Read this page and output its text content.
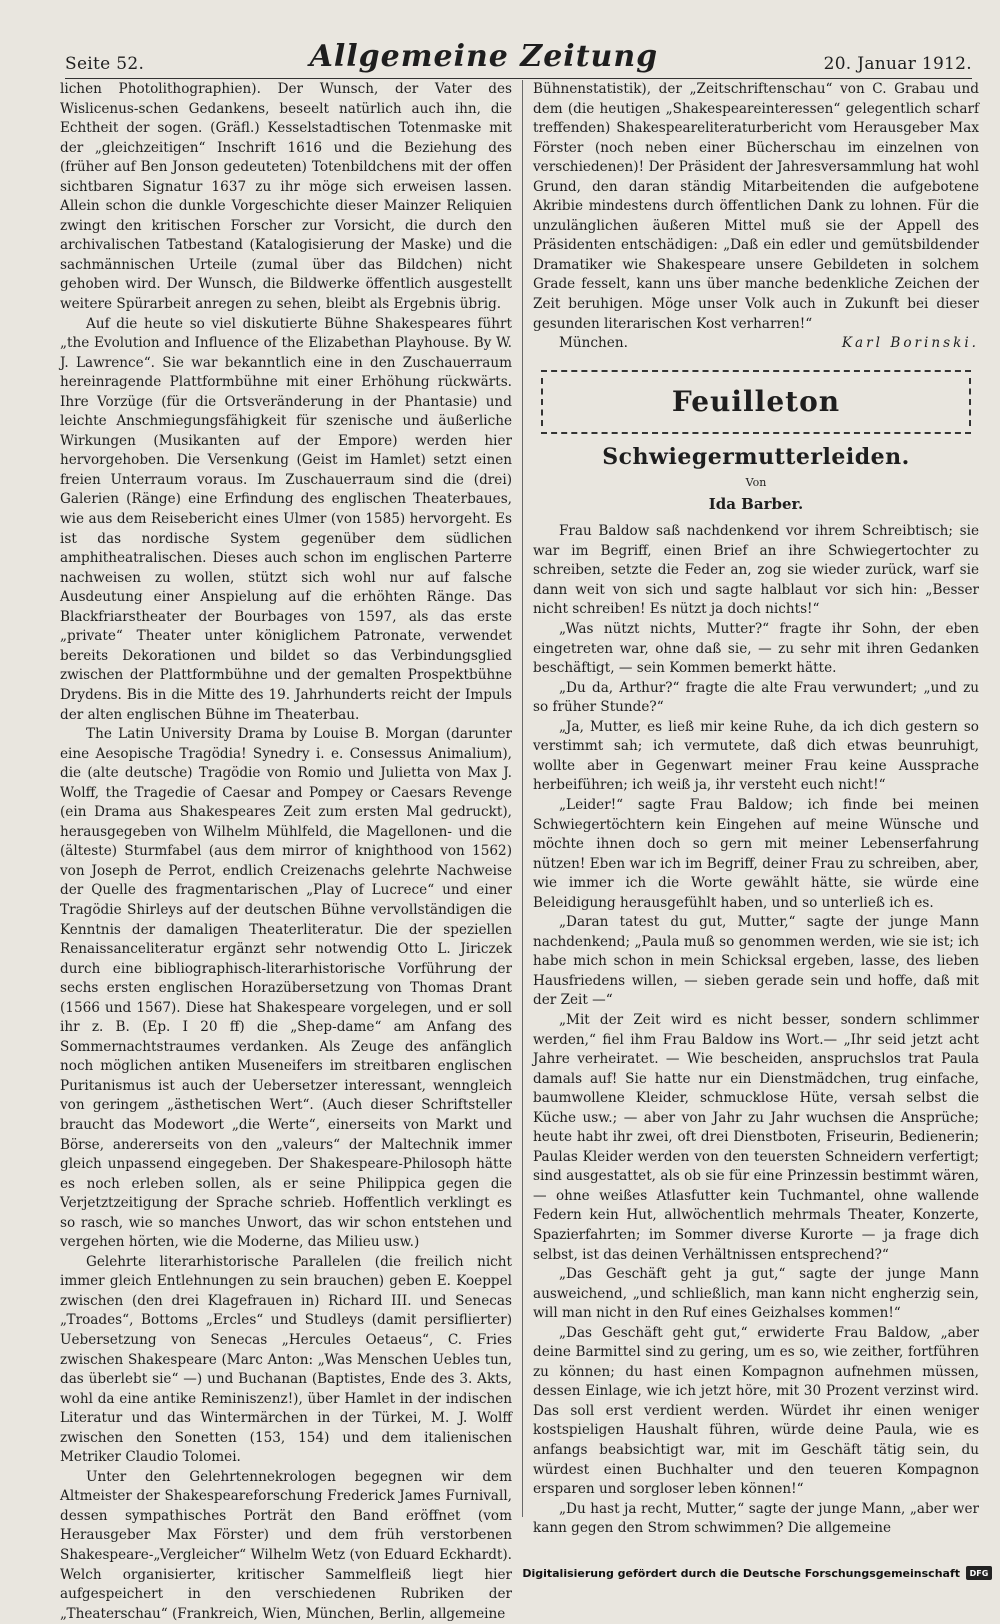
Seite 52.	Allgemeine Zeitung	20. Januar 1912.

lichen Photolithographien). Der Wunsch, der Vater des Wislicenus-schen Gedankens, beseelt natürlich auch ihn, die Echtheit der sogen. (Gräfl.) Kesselstadtischen Totenmaske mit der „gleichzeitigen“ Inschrift 1616 und die Beziehung des (früher auf Ben Jonson gedeuteten) Totenbildchens mit der offen sichtbaren Signatur 1637 zu ihr möge sich erweisen lassen. Allein schon die dunkle Vorgeschichte dieser Mainzer Reliquien zwingt den kritischen Forscher zur Vorsicht, die durch den archivalischen Tatbestand (Katalogisierung der Maske) und die sachmännischen Urteile (zumal über das Bildchen) nicht gehoben wird. Der Wunsch, die Bildwerke öffentlich ausgestellt weitere Spürarbeit anregen zu sehen, bleibt als Ergebnis übrig.

Auf die heute so viel diskutierte Bühne Shakespeares führt „the Evolution and Influence of the Elizabethan Playhouse. By W. J. Lawrence“. Sie war bekanntlich eine in den Zuschauerraum hereinragende Plattformbühne mit einer Erhöhung rückwärts. Ihre Vorzüge (für die Ortsveränderung in der Phantasie) und leichte Anschmiegungsfähigkeit für szenische und äußerliche Wirkungen (Musikanten auf der Empore) werden hier hervorgehoben. Die Versenkung (Geist im Hamlet) setzt einen freien Unterraum voraus. Im Zuschauerraum sind die (drei) Galerien (Ränge) eine Erfindung des englischen Theaterbaues, wie aus dem Reisebericht eines Ulmer (von 1585) hervorgeht. Es ist das nordische System gegenüber dem südlichen amphitheatralischen. Dieses auch schon im englischen Parterre nachweisen zu wollen, stützt sich wohl nur auf falsche Ausdeutung einer Anspielung auf die erhöhten Ränge. Das Blackfriarstheater der Bourbages von 1597, als das erste „private“ Theater unter königlichem Patronate, verwendet bereits Dekorationen und bildet so das Verbindungsglied zwischen der Plattformbühne und der gemalten Prospektbühne Drydens. Bis in die Mitte des 19. Jahrhunderts reicht der Impuls der alten englischen Bühne im Theaterbau.

The Latin University Drama by Louise B. Morgan (darunter eine Aesopische Tragödia! Synedry i. e. Consessus Animalium), die (alte deutsche) Tragödie von Romio und Julietta von Max J. Wolff, the Tragedie of Caesar and Pompey or Caesars Revenge (ein Drama aus Shakespeares Zeit zum ersten Mal gedruckt), herausgegeben von Wilhelm Mühlfeld, die Magellonen- und die (älteste) Sturmfabel (aus dem mirror of knighthood von 1562) von Joseph de Perrot, endlich Creizenachs gelehrte Nachweise der Quelle des fragmentarischen „Play of Lucrece“ und einer Tragödie Shirleys auf der deutschen Bühne vervollständigen die Kenntnis der damaligen Theaterliteratur. Die der speziellen Renaissanceliteratur ergänzt sehr notwendig Otto L. Jiriczek durch eine bibliographisch-literarhistorische Vorführung der sechs ersten englischen Horazübersetzung von Thomas Drant (1566 und 1567). Diese hat Shakespeare vorgelegen, und er soll ihr z. B. (Ep. I 20 ff) die „Shep-dame“ am Anfang des Sommernachtstraumes verdanken. Als Zeuge des anfänglich noch möglichen antiken Museneifers im streitbaren englischen Puritanismus ist auch der Uebersetzer interessant, wenngleich von geringem „ästhetischen Wert“. (Auch dieser Schriftsteller braucht das Modewort „die Werte“, einerseits von Markt und Börse, andererseits von den „valeurs“ der Maltechnik immer gleich unpassend eingegeben. Der Shakespeare-Philosoph hätte es noch erleben sollen, als er seine Philippica gegen die Verjetztzeitigung der Sprache schrieb. Hoffentlich verklingt es so rasch, wie so manches Unwort, das wir schon entstehen und vergehen hörten, wie die Moderne, das Milieu usw.)

Gelehrte literarhistorische Parallelen (die freilich nicht immer gleich Entlehnungen zu sein brauchen) geben E. Koeppel zwischen (den drei Klagefrauen in) Richard III. und Senecas „Troades“, Bottoms „Ercles“ und Studleys (damit persiflierter) Uebersetzung von Senecas „Hercules Oetaeus“, C. Fries zwischen Shakespeare (Marc Anton: „Was Menschen Uebles tun, das überlebt sie“ —) und Buchanan (Baptistes, Ende des 3. Akts, wohl da eine antike Reminiszenz!), über Hamlet in der indischen Literatur und das Wintermärchen in der Türkei, M. J. Wolff zwischen den Sonetten (153, 154) und dem italienischen Metriker Claudio Tolomei.

Unter den Gelehrtennekrologen begegnen wir dem Altmeister der Shakespeareforschung Frederick James Furnivall, dessen sympathisches Porträt den Band eröffnet (vom Herausgeber Max Förster) und dem früh verstorbenen Shakespeare-„Vergleicher“ Wilhelm Wetz (von Eduard Eckhardt). Welch organisierter, kritischer Sammelfleiß liegt hier aufgespeichert in den verschiedenen Rubriken der „Theaterschau“ (Frankreich, Wien, München, Berlin, allgemeine

Bühnenstatistik), der „Zeitschriftenschau“ von C. Grabau und dem (die heutigen „Shakespeareinteressen“ gelegentlich scharf treffenden) Shakespeareliteraturbericht vom Herausgeber Max Förster (noch neben einer Bücherschau im einzelnen von verschiedenen)! Der Präsident der Jahresversammlung hat wohl Grund, den daran ständig Mitarbeitenden die aufgebotene Akribie mindestens durch öffentlichen Dank zu lohnen. Für die unzulänglichen äußeren Mittel muß sie der Appell des Präsidenten entschädigen: „Daß ein edler und gemütsbildender Dramatiker wie Shakespeare unsere Gebildeten in solchem Grade fesselt, kann uns über manche bedenkliche Zeichen der Zeit beruhigen. Möge unser Volk auch in Zukunft bei dieser gesunden literarischen Kost verharren!“

München.	Karl Borinski.
Feuilleton
Schwiegermutterleiden.
Von
Ida Barber.

Frau Baldow saß nachdenkend vor ihrem Schreibtisch; sie war im Begriff, einen Brief an ihre Schwiegertochter zu schreiben, setzte die Feder an, zog sie wieder zurück, warf sie dann weit von sich und sagte halblaut vor sich hin: „Besser nicht schreiben! Es nützt ja doch nichts!“

„Was nützt nichts, Mutter?“ fragte ihr Sohn, der eben eingetreten war, ohne daß sie, — zu sehr mit ihren Gedanken beschäftigt, — sein Kommen bemerkt hätte.

„Du da, Arthur?“ fragte die alte Frau verwundert; „und zu so früher Stunde?“

„Ja, Mutter, es ließ mir keine Ruhe, da ich dich gestern so verstimmt sah; ich vermutete, daß dich etwas beunruhigt, wollte aber in Gegenwart meiner Frau keine Aussprache herbeiführen; ich weiß ja, ihr versteht euch nicht!“

„Leider!“ sagte Frau Baldow; ich finde bei meinen Schwiegertöchtern kein Eingehen auf meine Wünsche und möchte ihnen doch so gern mit meiner Lebenserfahrung nützen! Eben war ich im Begriff, deiner Frau zu schreiben, aber, wie immer ich die Worte gewählt hätte, sie würde eine Beleidigung herausgefühlt haben, und so unterließ ich es.

„Daran tatest du gut, Mutter,“ sagte der junge Mann nachdenkend; „Paula muß so genommen werden, wie sie ist; ich habe mich schon in mein Schicksal ergeben, lasse, des lieben Hausfriedens willen, — sieben gerade sein und hoffe, daß mit der Zeit —“

„Mit der Zeit wird es nicht besser, sondern schlimmer werden,“ fiel ihm Frau Baldow ins Wort.— „Ihr seid jetzt acht Jahre verheiratet. — Wie bescheiden, anspruchslos trat Paula damals auf! Sie hatte nur ein Dienstmädchen, trug einfache, baumwollene Kleider, schmucklose Hüte, versah selbst die Küche usw.; — aber von Jahr zu Jahr wuchsen die Ansprüche; heute habt ihr zwei, oft drei Dienstboten, Friseurin, Bedienerin; Paulas Kleider werden von den teuersten Schneidern verfertigt; sind ausgestattet, als ob sie für eine Prinzessin bestimmt wären, — ohne weißes Atlasfutter kein Tuchmantel, ohne wallende Federn kein Hut, allwöchentlich mehrmals Theater, Konzerte, Spazierfahrten; im Sommer diverse Kurorte — ja frage dich selbst, ist das deinen Verhältnissen entsprechend?“

„Das Geschäft geht ja gut,“ sagte der junge Mann ausweichend, „und schließlich, man kann nicht engherzig sein, will man nicht in den Ruf eines Geizhalses kommen!“

„Das Geschäft geht gut,“ erwiderte Frau Baldow, „aber deine Barmittel sind zu gering, um es so, wie zeither, fortführen zu können; du hast einen Kompagnon aufnehmen müssen, dessen Einlage, wie ich jetzt höre, mit 30 Prozent verzinst wird. Das soll erst verdient werden. Würdet ihr einen weniger kostspieligen Haushalt führen, würde deine Paula, wie es anfangs beabsichtigt war, mit im Geschäft tätig sein, du würdest einen Buchhalter und den teueren Kompagnon ersparen und sorgloser leben können!“

„Du hast ja recht, Mutter,“ sagte der junge Mann, „aber wer kann gegen den Strom schwimmen? Die allgemeine

Digitalisierung gefördert durch die Deutsche Forschungsgemeinschaft	DFG
